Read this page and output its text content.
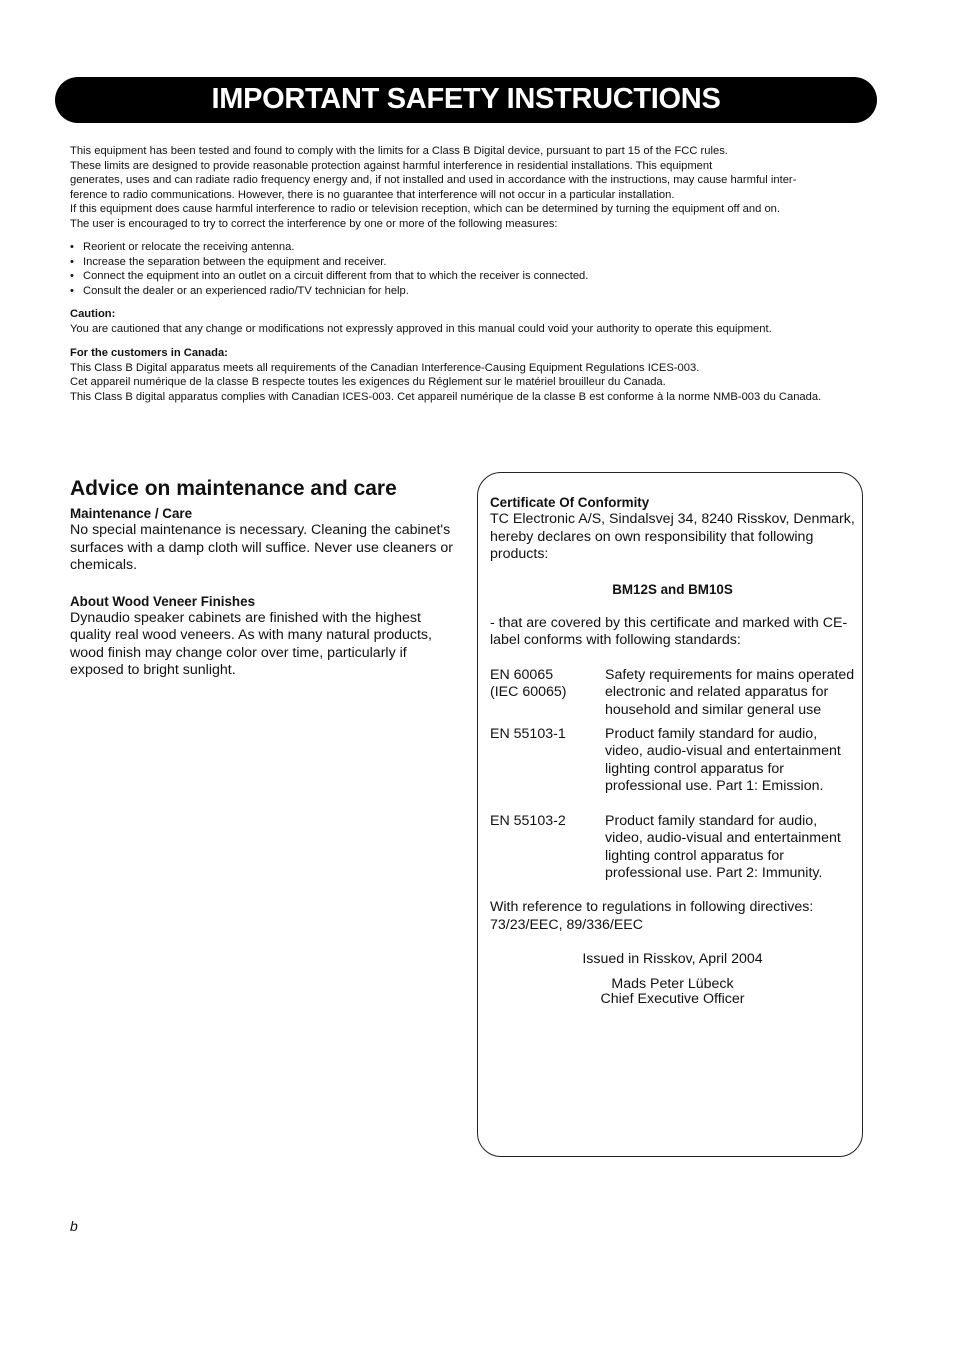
IMPORTANT SAFETY INSTRUCTIONS
This equipment has been tested and found to comply with the limits for a Class B Digital device, pursuant to part 15 of the FCC rules.
These limits are designed to provide reasonable protection against harmful interference in residential installations. This equipment
generates, uses and can radiate radio frequency energy and, if not installed and used in accordance with the instructions, may cause harmful inter-
ference to radio communications. However, there is no guarantee that interference will not occur in a particular installation.
If this equipment does cause harmful interference to radio or television reception, which can be determined by turning the equipment off and on.
The user is encouraged to try to correct the interference by one or more of the following measures:
• Reorient or relocate the receiving antenna.
• Increase the separation between the equipment and receiver.
• Connect the equipment into an outlet on a circuit different from that to which the receiver is connected.
• Consult the dealer or an experienced radio/TV technician for help.
Caution:
You are cautioned that any change or modifications not expressly approved in this manual could void your authority to operate this equipment.
For the customers in Canada:
This Class B Digital apparatus meets all requirements of the Canadian Interference-Causing Equipment Regulations ICES-003.
Cet appareil numérique de la classe B respecte toutes les exigences du Réglement sur le matériel brouilleur du Canada.
This Class B digital apparatus complies with Canadian ICES-003. Cet appareil numérique de la classe B est conforme à la norme NMB-003 du Canada.
Advice on maintenance and care
Maintenance / Care

No special maintenance is necessary. Cleaning the cabinet's surfaces with a damp cloth will suffice. Never use cleaners or chemicals.

About Wood Veneer Finishes

Dynaudio speaker cabinets are finished with the highest quality real wood veneers. As with many natural products, wood finish may change color over time, particularly if exposed to bright sunlight.

Certificate Of Conformity

TC Electronic A/S, Sindalsvej 34, 8240 Risskov, Denmark, hereby declares on own responsibility that following products:

BM12S and BM10S

- that are covered by this certificate and marked with CE-label conforms with following standards:

EN 60065
(IEC 60065)
Safety requirements for mains operated electronic and related apparatus for household and similar general use
EN 55103-1	Product family standard for audio, video, audio-visual and entertainment lighting control apparatus for professional use. Part 1: Emission.
EN 55103-2	Product family standard for audio, video, audio-visual and entertainment lighting control apparatus for professional use. Part 2: Immunity.

With reference to regulations in following directives:

73/23/EEC, 89/336/EEC

Issued in Risskov, April 2004

Mads Peter Lübeck

Chief Executive Officer

b
